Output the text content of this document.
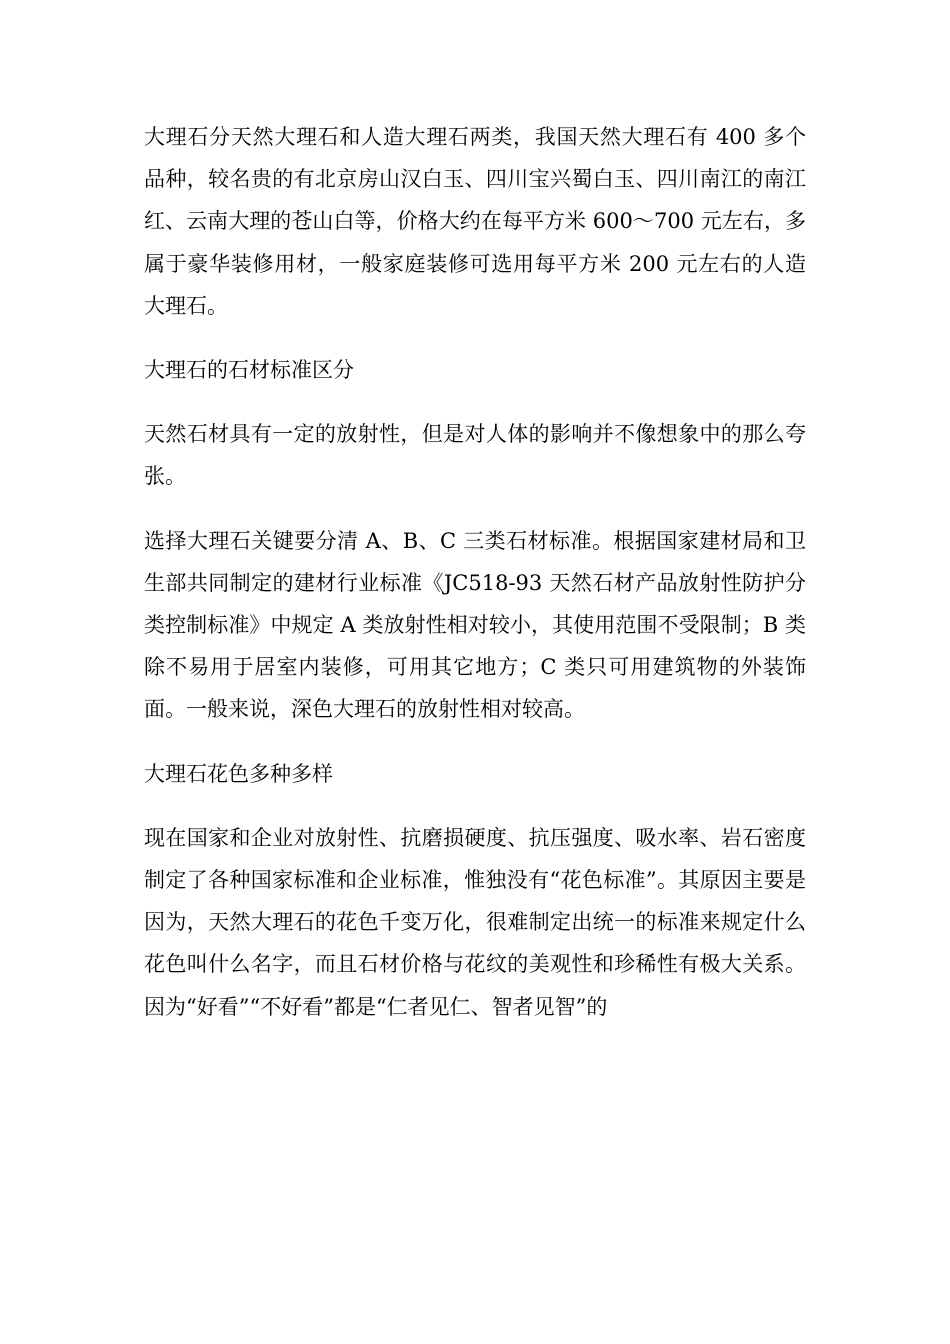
大理石分天然大理石和人造大理石两类，我国天然大理石有 400 多个品种，较名贵的有北京房山汉白玉、四川宝兴蜀白玉、四川南江的南江红、云南大理的苍山白等，价格大约在每平方米 600～700 元左右，多属于豪华装修用材，一般家庭装修可选用每平方米 200 元左右的人造大理石。

大理石的石材标准区分

天然石材具有一定的放射性，但是对人体的影响并不像想象中的那么夸张。

选择大理石关键要分清 A、B、C 三类石材标准。根据国家建材局和卫生部共同制定的建材行业标准《JC518-93 天然石材产品放射性防护分类控制标准》中规定 A 类放射性相对较小，其使用范围不受限制；B 类除不易用于居室内装修，可用其它地方；C 类只可用建筑物的外装饰面。一般来说，深色大理石的放射性相对较高。

大理石花色多种多样

现在国家和企业对放射性、抗磨损硬度、抗压强度、吸水率、岩石密度制定了各种国家标准和企业标准，惟独没有“花色标准”。其原因主要是因为，天然大理石的花色千变万化，很难制定出统一的标准来规定什么花色叫什么名字，而且石材价格与花纹的美观性和珍稀性有极大关系。因为“好看”“不好看”都是“仁者见仁、智者见智”的
